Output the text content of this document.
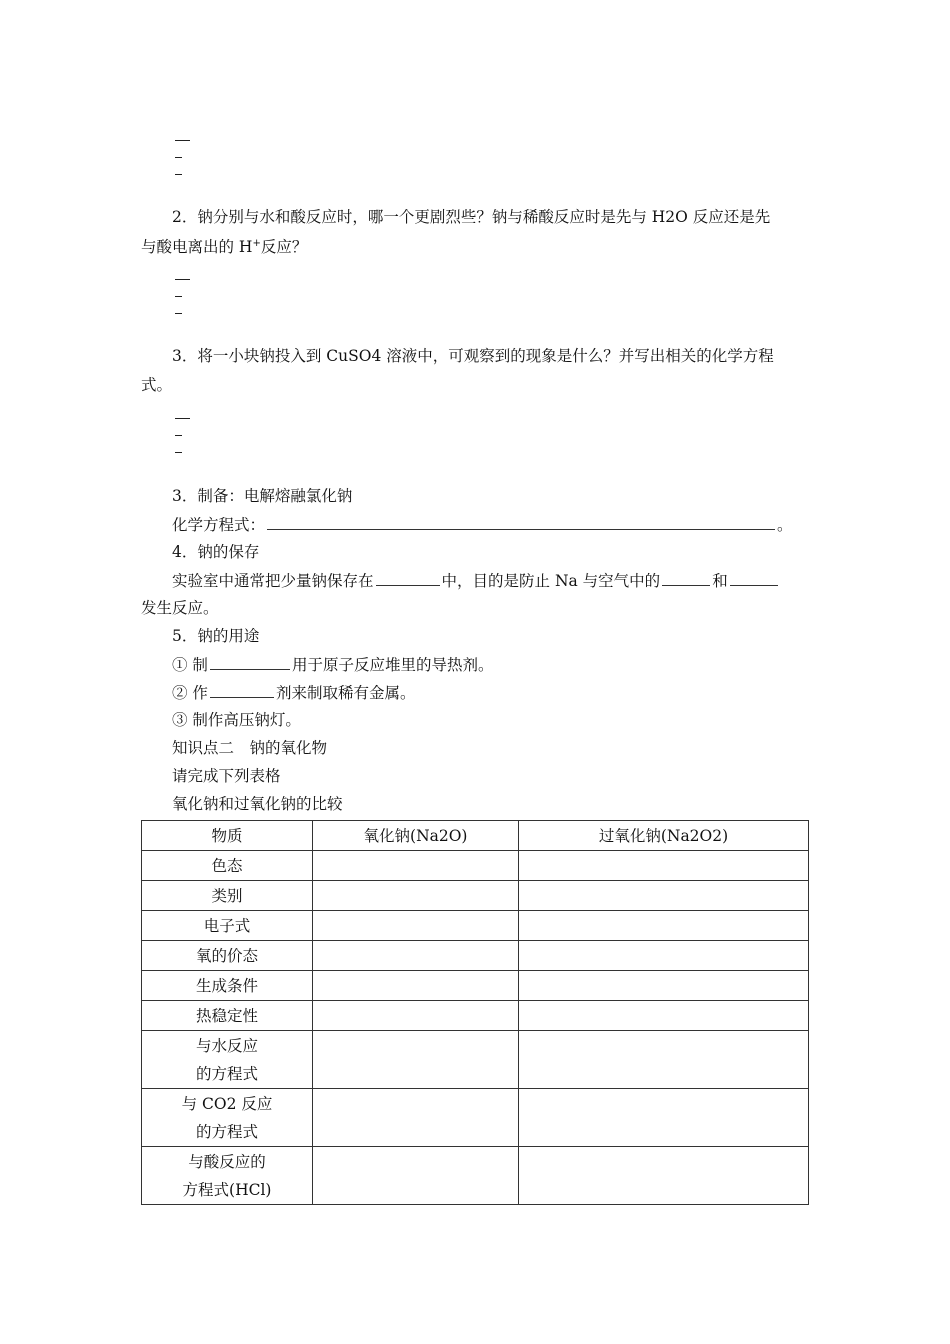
2．钠分别与水和酸反应时，哪一个更剧烈些？钠与稀酸反应时是先与 H2O 反应还是先
与酸电离出的 H+反应？
3．将一小块钠投入到 CuSO4 溶液中，可观察到的现象是什么？并写出相关的化学方程
式。
3．制备：电解熔融氯化钠
化学方程式：	。
4．钠的保存
实验室中通常把少量钠保存在	中，目的是防止 Na 与空气中的	和
发生反应。
5．钠的用途
① 制	用于原子反应堆里的导热剂。
② 作	剂来制取稀有金属。
③ 制作高压钠灯。
知识点二　钠的氧化物
请完成下列表格
氧化钠和过氧化钠的比较
物质	氧化钠(Na2O)	过氧化钠(Na2O2)
色态		
类别		
电子式		
氧的价态		
生成条件		
热稳定性		
与水反应
的方程式		
与 CO2 反应
的方程式		
与酸反应的
方程式(HCl)		
